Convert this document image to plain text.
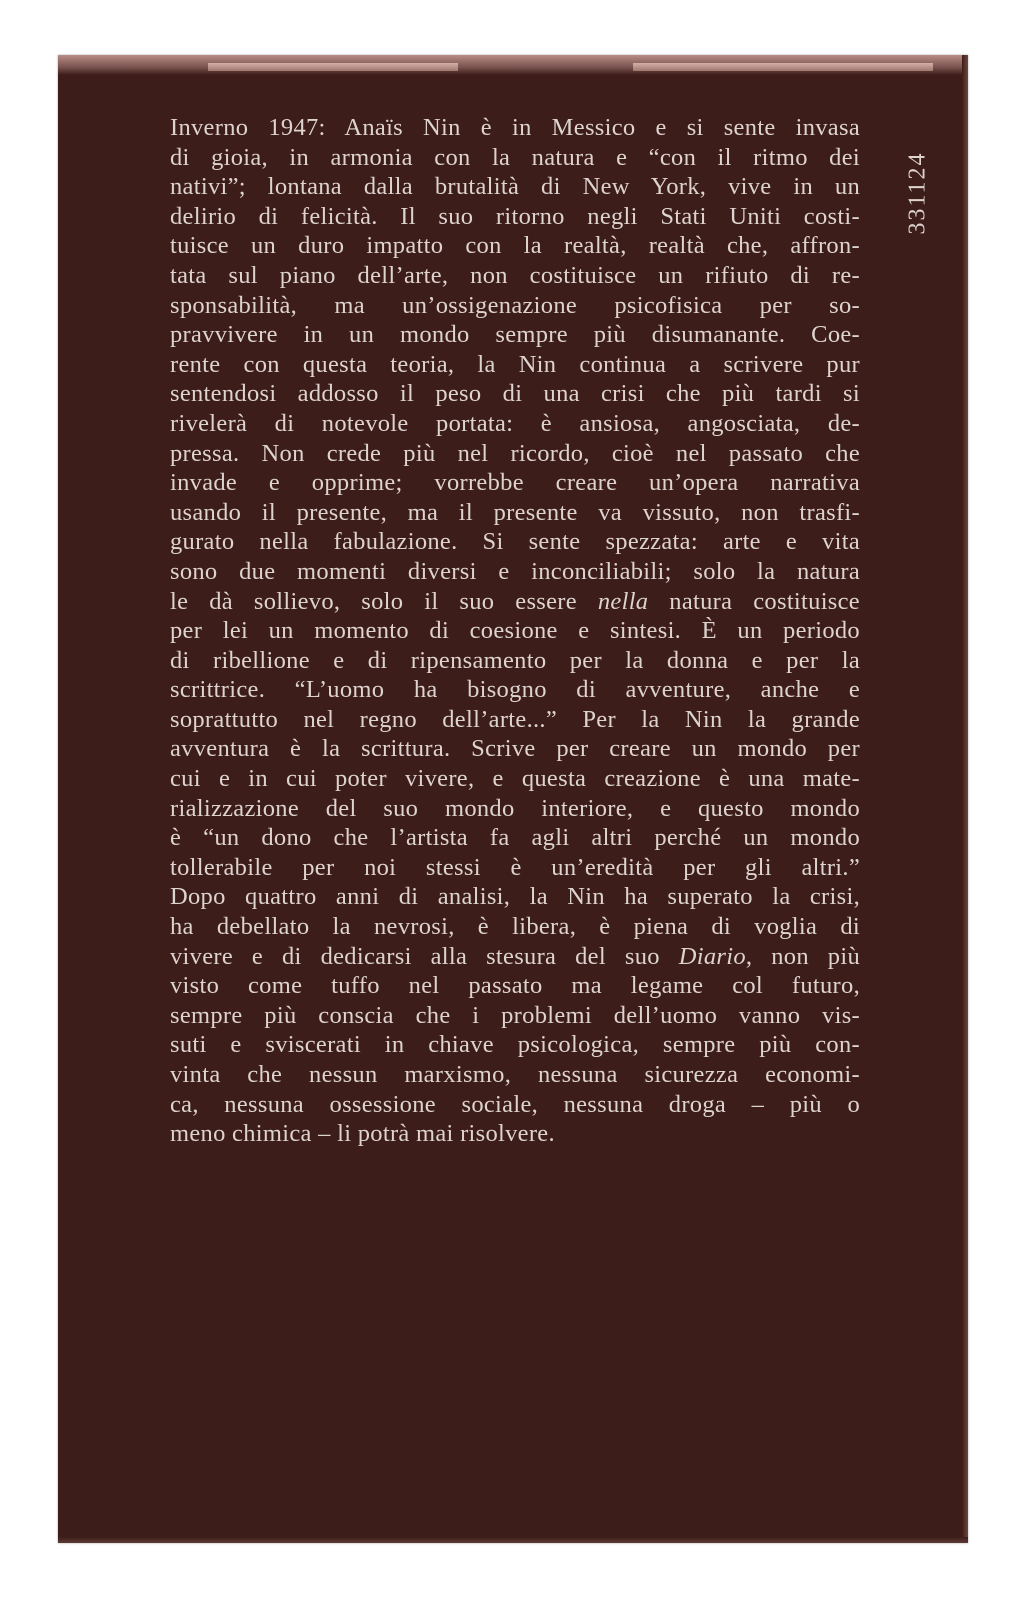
Inverno 1947: Anaïs Nin è in Messico e si sente invasa
di gioia, in armonia con la natura e “con il ritmo dei
nativi”; lontana dalla brutalità di New York, vive in un
delirio di felicità. Il suo ritorno negli Stati Uniti costi-
tuisce un duro impatto con la realtà, realtà che, affron-
tata sul piano dell’arte, non costituisce un rifiuto di re-
sponsabilità, ma un’ossigenazione psicofisica per so-
pravvivere in un mondo sempre più disumanante. Coe-
rente con questa teoria, la Nin continua a scrivere pur
sentendosi addosso il peso di una crisi che più tardi si
rivelerà di notevole portata: è ansiosa, angosciata, de-
pressa. Non crede più nel ricordo, cioè nel passato che
invade e opprime; vorrebbe creare un’opera narrativa
usando il presente, ma il presente va vissuto, non trasfi-
gurato nella fabulazione. Si sente spezzata: arte e vita
sono due momenti diversi e inconciliabili; solo la natura
le dà sollievo, solo il suo essere nella natura costituisce
per lei un momento di coesione e sintesi. È un periodo
di ribellione e di ripensamento per la donna e per la
scrittrice. “L’uomo ha bisogno di avventure, anche e
soprattutto nel regno dell’arte...” Per la Nin la grande
avventura è la scrittura. Scrive per creare un mondo per
cui e in cui poter vivere, e questa creazione è una mate-
rializzazione del suo mondo interiore, e questo mondo
è “un dono che l’artista fa agli altri perché un mondo
tollerabile per noi stessi è un’eredità per gli altri.”
Dopo quattro anni di analisi, la Nin ha superato la crisi,
ha debellato la nevrosi, è libera, è piena di voglia di
vivere e di dedicarsi alla stesura del suo Diario, non più
visto come tuffo nel passato ma legame col futuro,
sempre più conscia che i problemi dell’uomo vanno vis-
suti e sviscerati in chiave psicologica, sempre più con-
vinta che nessun marxismo, nessuna sicurezza economi-
ca, nessuna ossessione sociale, nessuna droga – più o
meno chimica – li potrà mai risolvere.
331124
